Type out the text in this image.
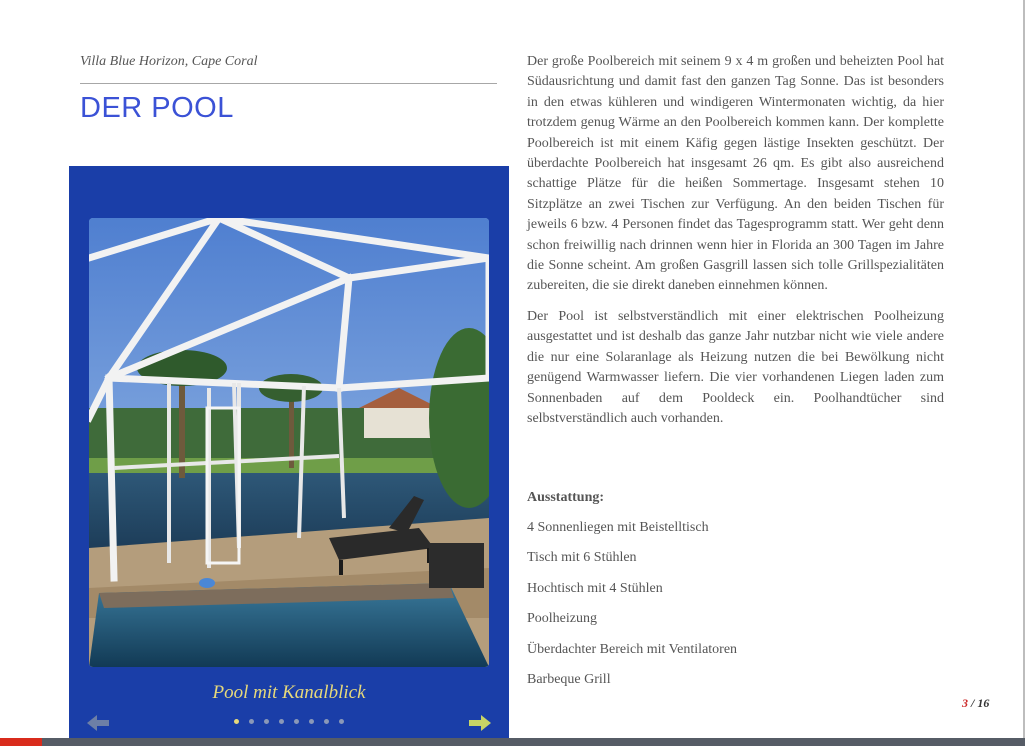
Villa Blue Horizon, Cape Coral
DER POOL
Pool mit Kanalblick

Der große Poolbereich mit seinem 9 x 4 m großen und beheizten Pool hat Südausrichtung und damit fast den ganzen Tag Sonne. Das ist besonders in den etwas kühleren und windigeren Wintermonaten wichtig, da hier trotzdem genug Wärme an den Poolbereich kommen kann. Der komplette Poolbereich ist mit einem Käfig gegen lästige Insekten geschützt. Der überdachte Poolbereich hat insgesamt 26 qm. Es gibt also ausreichend schattige Plätze für die heißen Sommertage. Insgesamt stehen 10 Sitzplätze an zwei Tischen zur Verfügung. An den beiden Tischen für jeweils 6 bzw. 4 Personen findet das Tagesprogramm statt. Wer geht denn schon freiwillig nach drinnen wenn hier in Florida an 300 Tagen im Jahre die Sonne scheint. Am großen Gasgrill lassen sich tolle Grillspezialitäten zubereiten, die sie direkt daneben einnehmen können.

Der Pool ist selbstverständlich mit einer elektrischen Poolheizung ausgestattet und ist deshalb das ganze Jahr nutzbar nicht wie viele andere die nur eine Solaranlage als Heizung nutzen die bei Bewölkung nicht genügend Warmwasser liefern. Die vier vorhandenen Liegen laden zum Sonnenbaden auf dem Pooldeck ein. Poolhandtücher sind selbstverständlich auch vorhanden.

Ausstattung:
4 Sonnenliegen mit Beistelltisch
Tisch mit 6 Stühlen
Hochtisch mit 4 Stühlen
Poolheizung
Überdachter Bereich mit Ventilatoren
Barbeque Grill
3 / 16
